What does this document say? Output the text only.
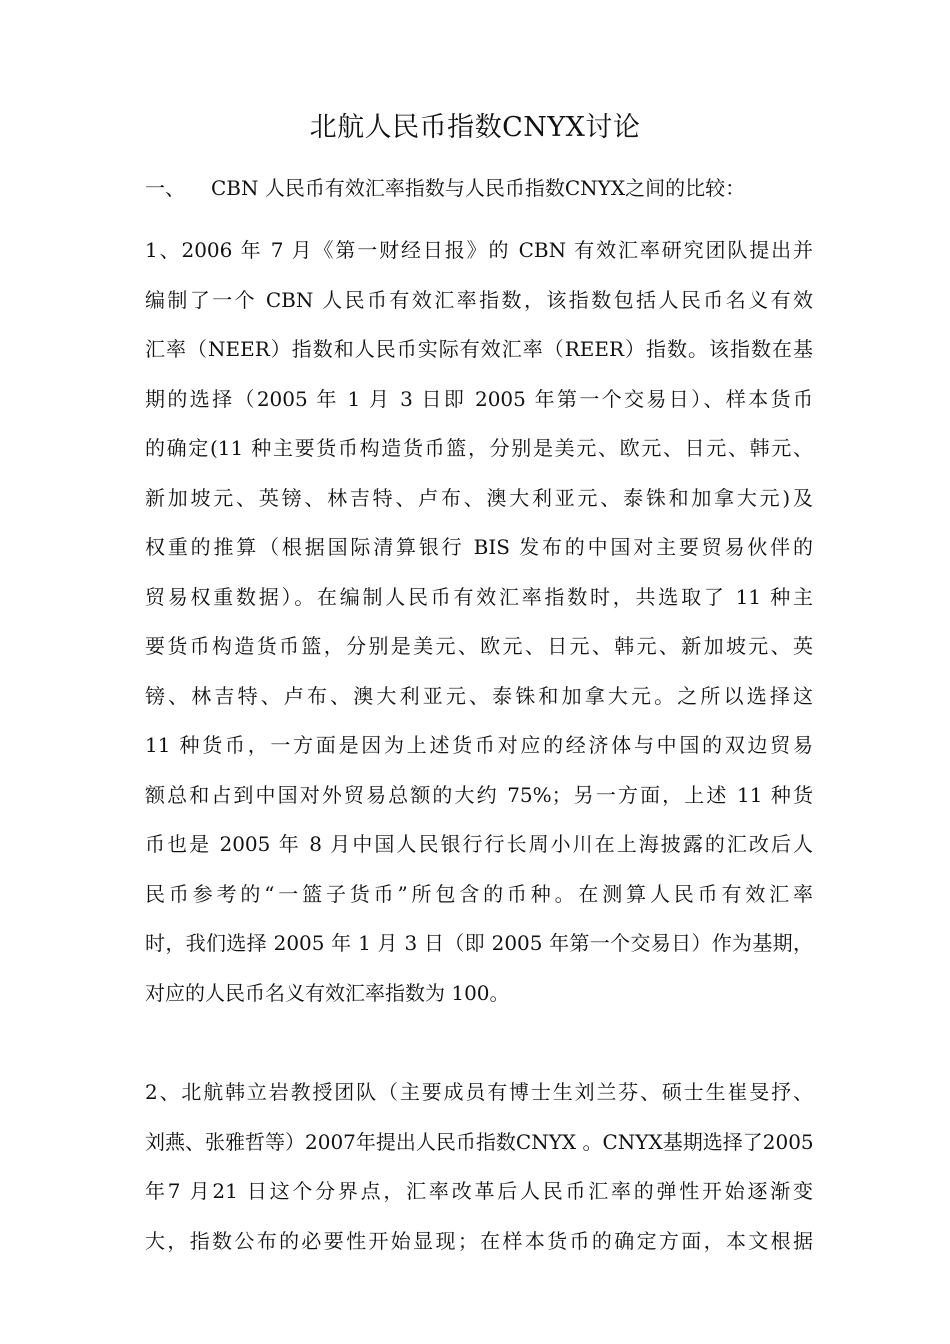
北航人民币指数CNYX讨论
一、 CBN 人民币有效汇率指数与人民币指数CNYX之间的比较：
1、2006 年 7 月《第一财经日报》的 CBN 有效汇率研究团队提出并
编制了一个 CBN 人民币有效汇率指数，该指数包括人民币名义有效
汇率（NEER）指数和人民币实际有效汇率（REER）指数。该指数在基
期的选择（2005 年 1 月 3 日即 2005 年第一个交易日）、样本货币
的确定(11 种主要货币构造货币篮，分别是美元、欧元、日元、韩元、
新加坡元、英镑、林吉特、卢布、澳大利亚元、泰铢和加拿大元)及
权重的推算（根据国际清算银行 BIS 发布的中国对主要贸易伙伴的
贸易权重数据）。在编制人民币有效汇率指数时，共选取了 11 种主
要货币构造货币篮，分别是美元、欧元、日元、韩元、新加坡元、英
镑、林吉特、卢布、澳大利亚元、泰铢和加拿大元。之所以选择这
11 种货币，一方面是因为上述货币对应的经济体与中国的双边贸易
额总和占到中国对外贸易总额的大约 75%；另一方面，上述 11 种货
币也是 2005 年 8 月中国人民银行行长周小川在上海披露的汇改后人
民币参考的“一篮子货币”所包含的币种。在测算人民币有效汇率
时，我们选择 2005 年 1 月 3 日（即 2005 年第一个交易日）作为基期，
对应的人民币名义有效汇率指数为 100。
2、北航韩立岩教授团队（主要成员有博士生刘兰芬、硕士生崔旻抒、
刘燕、张雅哲等）2007年提出人民币指数CNYX 。CNYX基期选择了2005
年7 月21 日这个分界点，汇率改革后人民币汇率的弹性开始逐渐变
大，指数公布的必要性开始显现；在样本货币的确定方面，本文根据
